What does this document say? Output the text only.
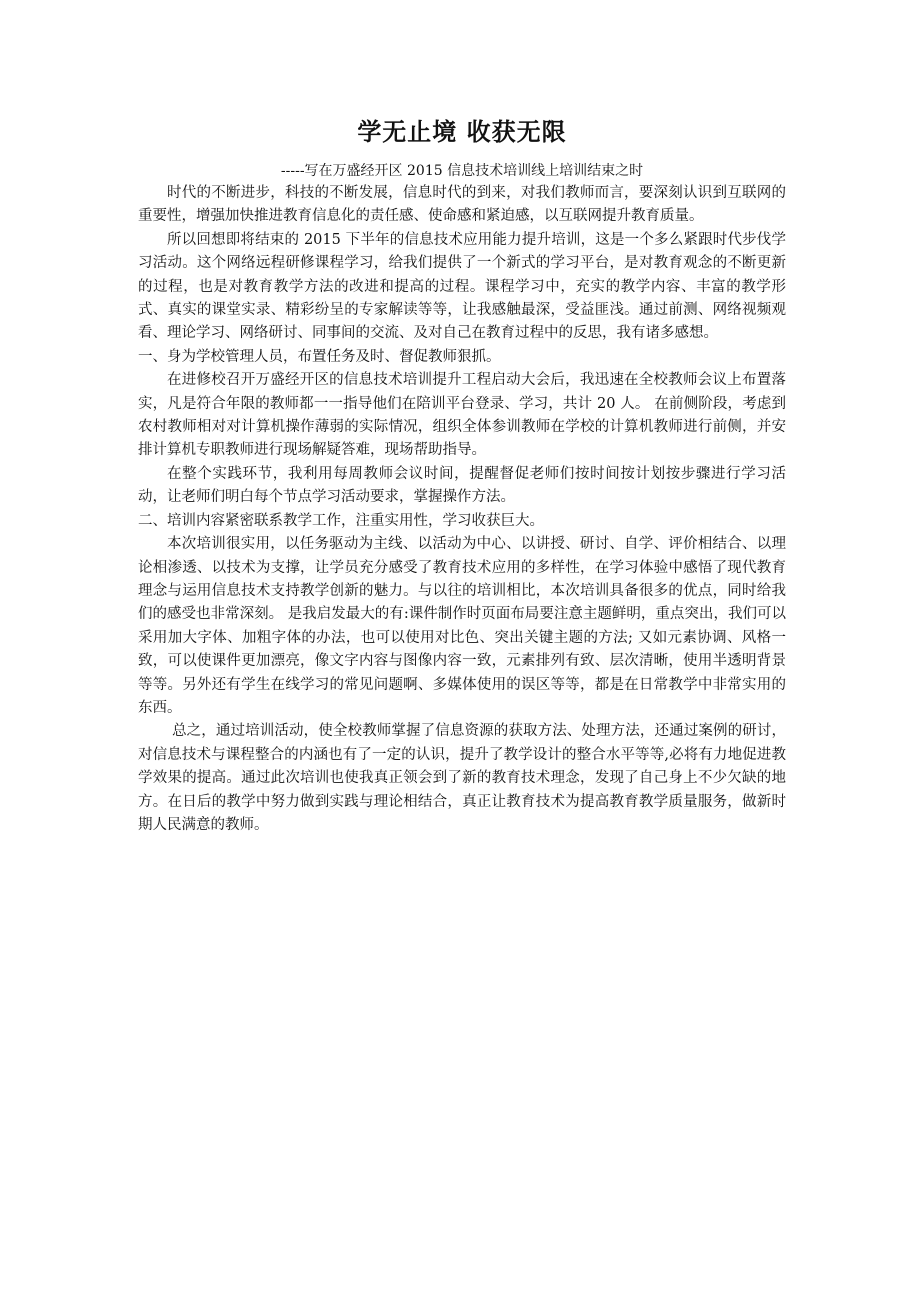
学无止境 收获无限

-----写在万盛经开区 2015 信息技术培训线上培训结束之时

时代的不断进步，科技的不断发展，信息时代的到来，对我们教师而言，要深刻认识到互联网的重要性，增强加快推进教育信息化的责任感、使命感和紧迫感，以互联网提升教育质量。

所以回想即将结束的 2015 下半年的信息技术应用能力提升培训，这是一个多么紧跟时代步伐学习活动。这个网络远程研修课程学习，给我们提供了一个新式的学习平台，是对教育观念的不断更新的过程，也是对教育教学方法的改进和提高的过程。课程学习中，充实的教学内容、丰富的教学形式、真实的课堂实录、精彩纷呈的专家解读等等，让我感触最深，受益匪浅。通过前测、网络视频观看、理论学习、网络研讨、同事间的交流、及对自己在教育过程中的反思，我有诸多感想。

一、身为学校管理人员，布置任务及时、督促教师狠抓。

在进修校召开万盛经开区的信息技术培训提升工程启动大会后，我迅速在全校教师会议上布置落实，凡是符合年限的教师都一一指导他们在陪训平台登录、学习，共计 20 人。 在前侧阶段，考虑到农村教师相对对计算机操作薄弱的实际情况，组织全体参训教师在学校的计算机教师进行前侧，并安排计算机专职教师进行现场解疑答难，现场帮助指导。

在整个实践环节，我利用每周教师会议时间，提醒督促老师们按时间按计划按步骤进行学习活动，让老师们明白每个节点学习活动要求，掌握操作方法。

二、培训内容紧密联系教学工作，注重实用性，学习收获巨大。

本次培训很实用，以任务驱动为主线、以活动为中心、以讲授、研讨、自学、评价相结合、以理论相渗透、以技术为支撑，让学员充分感受了教育技术应用的多样性，在学习体验中感悟了现代教育理念与运用信息技术支持教学创新的魅力。与以往的培训相比，本次培训具备很多的优点，同时给我们的感受也非常深刻。 是我启发最大的有:课件制作时页面布局要注意主题鲜明，重点突出，我们可以采用加大字体、加粗字体的办法，也可以使用对比色、突出关键主题的方法; 又如元素协调、风格一致，可以使课件更加漂亮，像文字内容与图像内容一致，元素排列有致、层次清晰，使用半透明背景等等。另外还有学生在线学习的常见问题啊、多媒体使用的误区等等，都是在日常教学中非常实用的东西。

总之，通过培训活动，使全校教师掌握了信息资源的获取方法、处理方法，还通过案例的研讨，对信息技术与课程整合的内涵也有了一定的认识，提升了教学设计的整合水平等等,必将有力地促进教学效果的提高。通过此次培训也使我真正领会到了新的教育技术理念，发现了自己身上不少欠缺的地方。在日后的教学中努力做到实践与理论相结合，真正让教育技术为提高教育教学质量服务，做新时期人民满意的教师。
